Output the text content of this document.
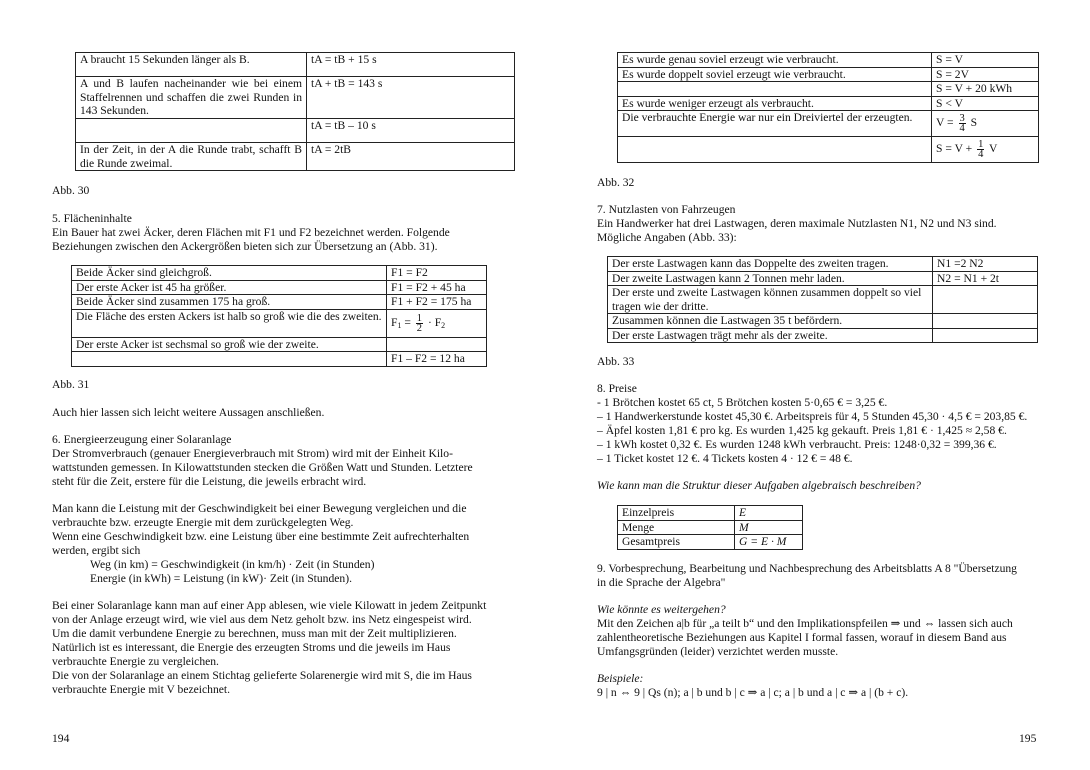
A braucht 15 Sekunden länger als B.	tA = tB + 15 s
A und B laufen nacheinander wie bei einem Staffelrennen und schaffen die zwei Runden in 143 Sekunden.	tA + tB = 143 s
	tA = tB – 10 s
In der Zeit, in der A die Runde trabt, schafft B die Runde zweimal.	tA = 2tB

Abb. 30

5. Flächeninhalte

Ein Bauer hat zwei Äcker, deren Flächen mit F1 und F2 bezeichnet werden. Folgende

Beziehungen zwischen den Ackergrößen bieten sich zur Übersetzung an (Abb. 31).

Beide Äcker sind gleichgroß.	F1 = F2
Der erste Acker ist 45 ha größer.	F1 = F2 + 45 ha
Beide Äcker sind zusammen 175 ha groß.	F1 + F2 = 175 ha
Die Fläche des ersten Ackers ist halb so groß wie die des zweiten.	$F_1 = \frac{1}{2} \cdot F_2$
Der erste Acker ist sechsmal so groß wie der zweite.	
	F1 – F2 = 12 ha

Abb. 31

Auch hier lassen sich leicht weitere Aussagen anschließen.

6. Energieerzeugung einer Solaranlage

Der Stromverbrauch (genauer Energieverbrauch mit Strom) wird mit der Einheit Kilo-

wattstunden gemessen. In Kilowattstunden stecken die Größen Watt und Stunden. Letztere

steht für die Zeit, erstere für die Leistung, die jeweils erbracht wird.

Man kann die Leistung mit der Geschwindigkeit bei einer Bewegung vergleichen und die

verbrauchte bzw. erzeugte Energie mit dem zurückgelegten Weg.

Wenn eine Geschwindigkeit bzw. eine Leistung über eine bestimmte Zeit aufrechterhalten

werden, ergibt sich

Weg (in km) = Geschwindigkeit (in km/h) · Zeit (in Stunden)

Energie (in kWh) = Leistung (in kW)· Zeit (in Stunden).

Bei einer Solaranlage kann man auf einer App ablesen, wie viele Kilowatt in jedem Zeitpunkt

von der Anlage erzeugt wird, wie viel aus dem Netz geholt bzw. ins Netz eingespeist wird.

Um die damit verbundene Energie zu berechnen, muss man mit der Zeit multiplizieren.

Natürlich ist es interessant, die Energie des erzeugten Stroms und die jeweils im Haus

verbrauchte Energie zu vergleichen.

Die von der Solaranlage an einem Stichtag gelieferte Solarenergie wird mit S, die im Haus

verbrauchte Energie mit V bezeichnet.

194

Es wurde genau soviel erzeugt wie verbraucht.	S = V
Es wurde doppelt soviel erzeugt wie verbraucht.	S = 2V
	S = V + 20 kWh
Es wurde weniger erzeugt als verbraucht.	S < V
Die verbrauchte Energie war nur ein Dreiviertel der erzeugten.	$V = \frac{3}{4}$ S
	$S = V + \frac{1}{4}$ V

Abb. 32

7. Nutzlasten von Fahrzeugen

Ein Handwerker hat drei Lastwagen, deren maximale Nutzlasten N1, N2 und N3 sind.

Mögliche Angaben (Abb. 33):

Der erste Lastwagen kann das Doppelte des zweiten tragen.	N1 =2 N2
Der zweite Lastwagen kann 2 Tonnen mehr laden.	N2 = N1 + 2t
Der erste und zweite Lastwagen können zusammen doppelt so viel tragen wie der dritte.	
Zusammen können die Lastwagen 35 t befördern.	
Der erste Lastwagen trägt mehr als der zweite.	

Abb. 33

8. Preise

- 1 Brötchen kostet 65 ct, 5 Brötchen kosten 5·0,65 € = 3,25 €.

– 1 Handwerkerstunde kostet 45,30 €. Arbeitspreis für 4, 5 Stunden 45,30 · 4,5 € = 203,85 €.

– Äpfel kosten 1,81 € pro kg. Es wurden 1,425 kg gekauft. Preis 1,81 € · 1,425 ≈ 2,58 €.

– 1 kWh kostet 0,32 €. Es wurden 1248 kWh verbraucht. Preis: 1248·0,32 = 399,36 €.

– 1 Ticket kostet 12 €. 4 Tickets kosten 4 · 12 € = 48 €.

Wie kann man die Struktur dieser Aufgaben algebraisch beschreiben?

Einzelpreis	E
Menge	M
Gesamtpreis	G = E · M

9. Vorbesprechung, Bearbeitung und Nachbesprechung des Arbeitsblatts A 8 "Übersetzung

in die Sprache der Algebra"

Wie könnte es weitergehen?

Mit den Zeichen a|b für „a teilt b“ und den Implikationspfeilen ⇒ und ⇔ lassen sich auch

zahlentheoretische Beziehungen aus Kapitel I formal fassen, worauf in diesem Band aus

Umfangsgründen (leider) verzichtet werden musste.

Beispiele:

9 | n ⇔ 9 | Qs (n); a | b und b | c ⇒ a | c; a | b und a | c ⇒ a | (b + c).

195
